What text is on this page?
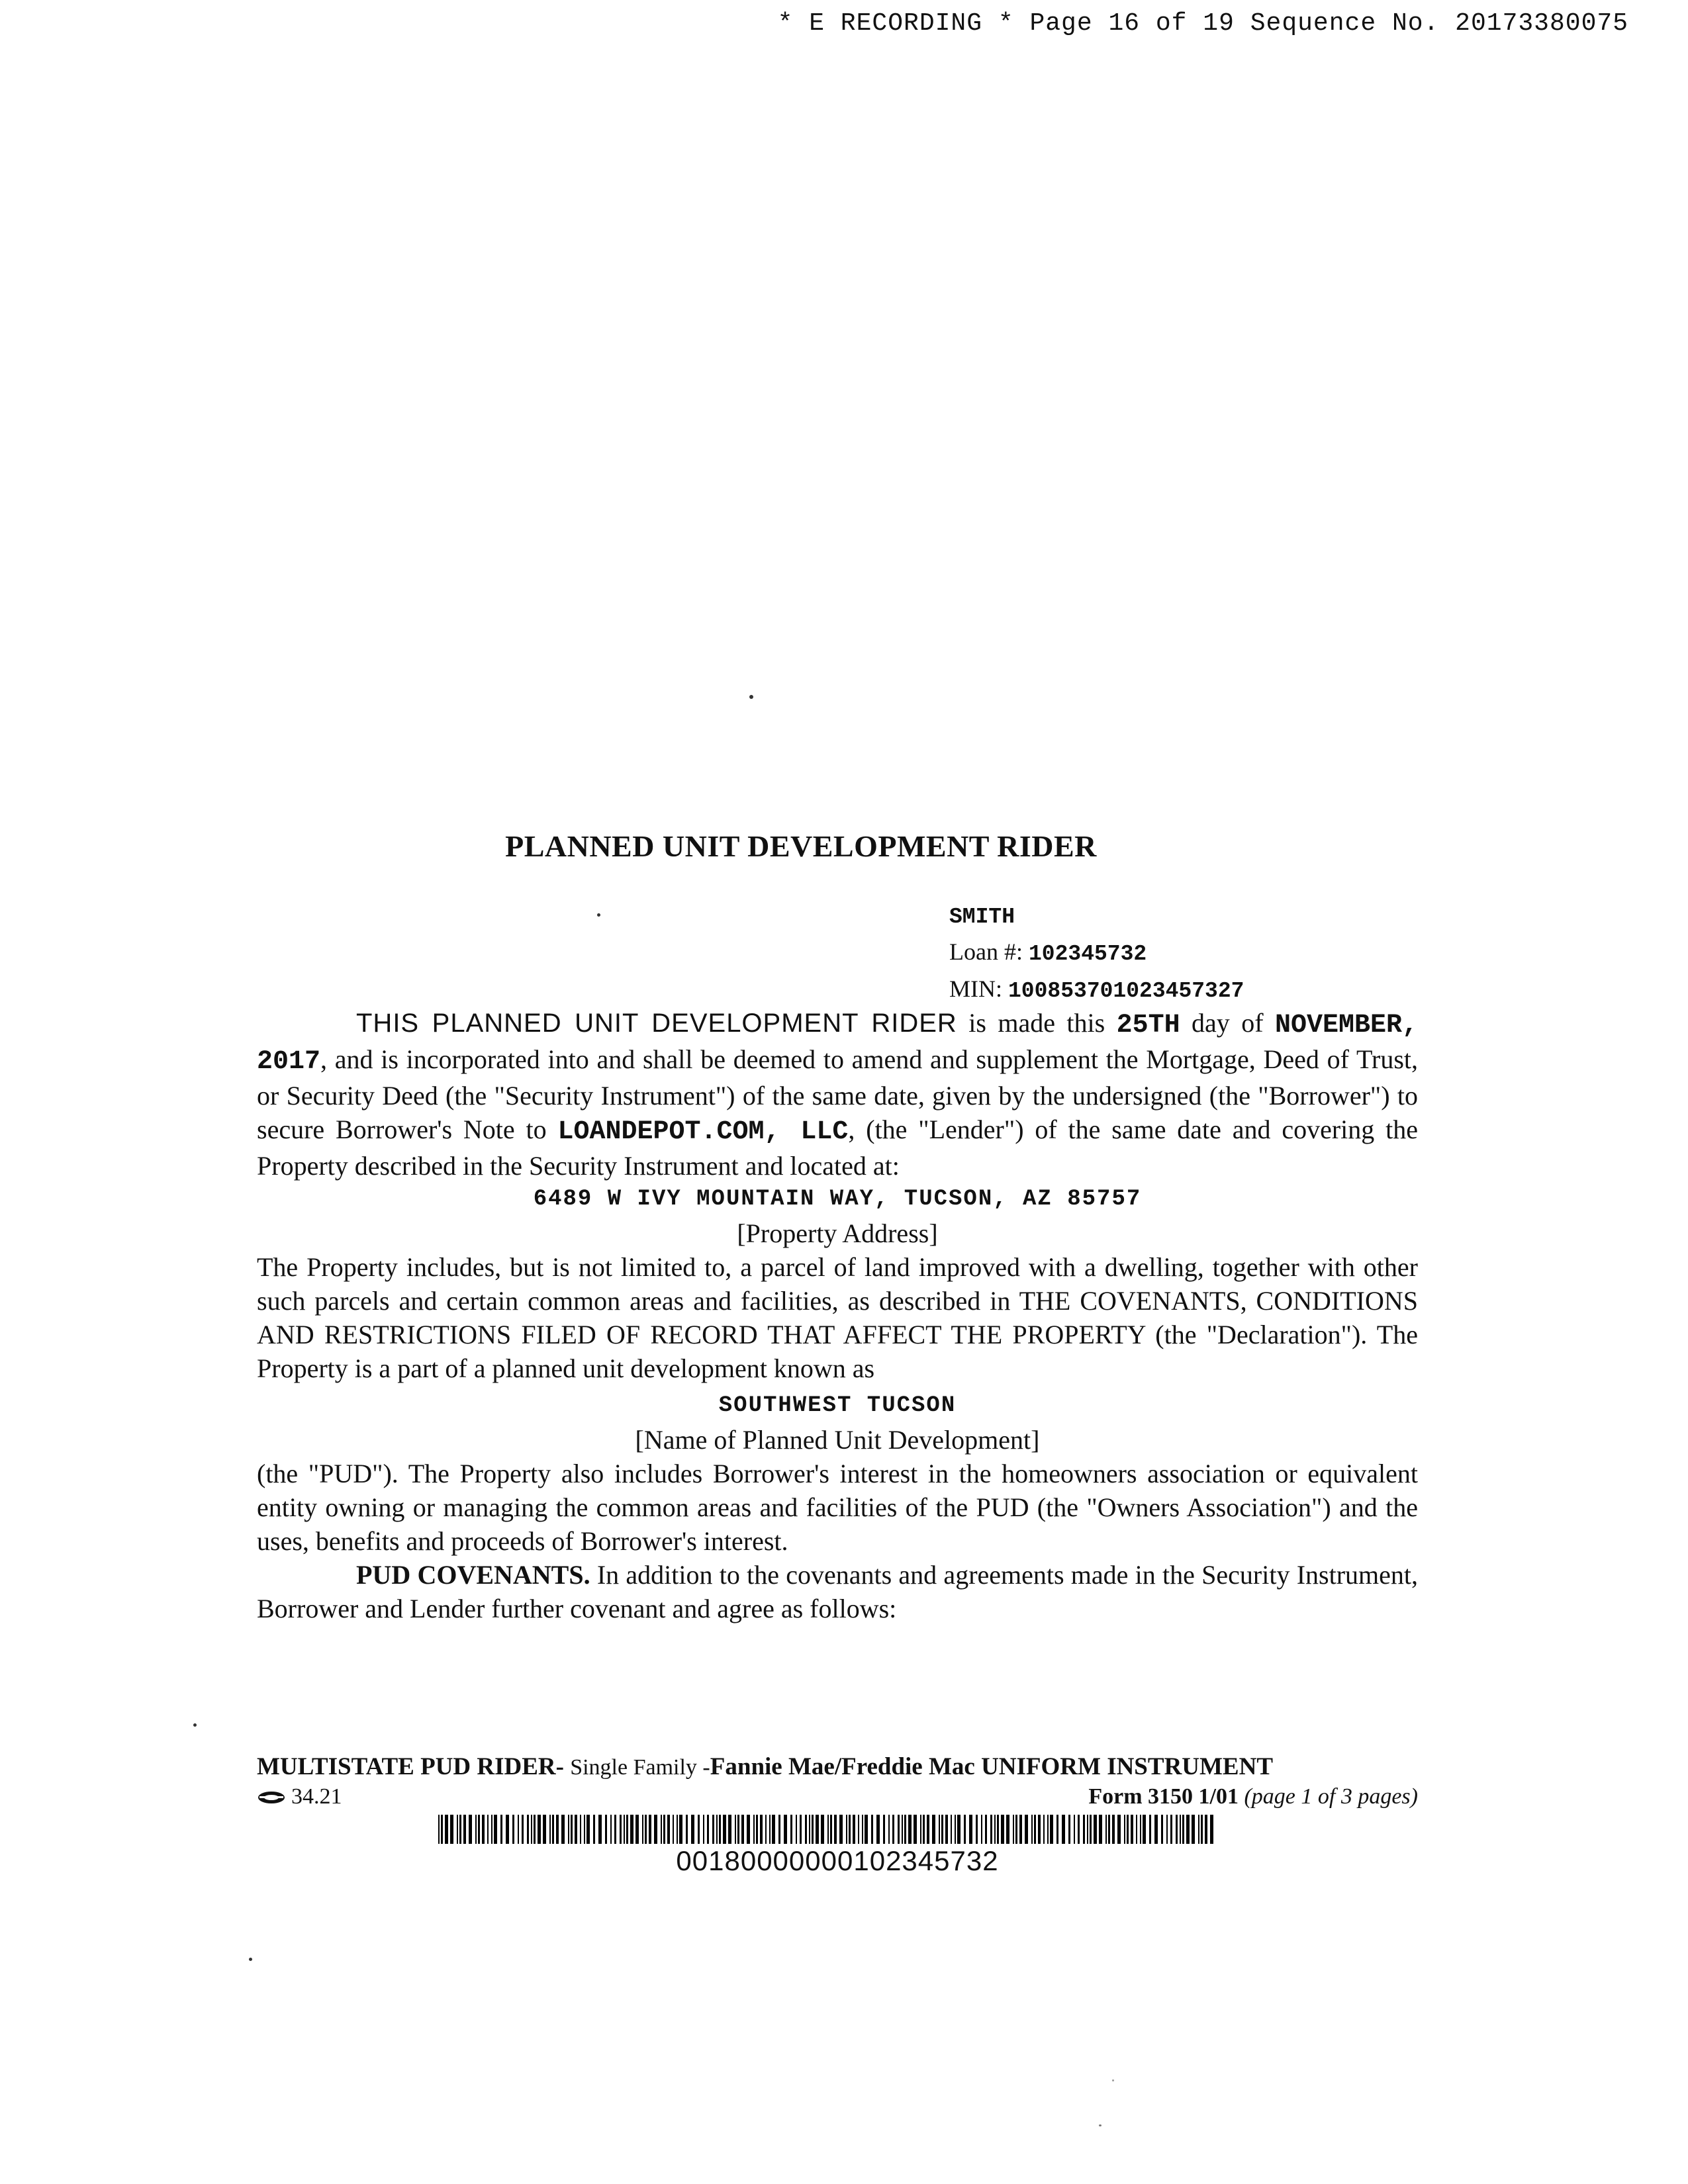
* E RECORDING * Page 16 of 19 Sequence No. 20173380075
PLANNED UNIT DEVELOPMENT RIDER
SMITH
Loan #: 102345732
MIN: 100853701023457327

THIS PLANNED UNIT DEVELOPMENT RIDER is made this 25TH day of NOVEMBER, 2017, and is incorporated into and shall be deemed to amend and supplement the Mortgage, Deed of Trust, or Security Deed (the "Security Instrument") of the same date, given by the undersigned (the "Borrower") to secure Borrower's Note to LOANDEPOT.COM, LLC, (the "Lender") of the same date and covering the Property described in the Security Instrument and located at:

6489 W IVY MOUNTAIN WAY, TUCSON, AZ 85757

[Property Address]

The Property includes, but is not limited to, a parcel of land improved with a dwelling, together with other such parcels and certain common areas and facilities, as described in THE COVENANTS, CONDITIONS AND RESTRICTIONS FILED OF RECORD THAT AFFECT THE PROPERTY (the "Declaration"). The Property is a part of a planned unit development known as

SOUTHWEST TUCSON

[Name of Planned Unit Development]

(the "PUD"). The Property also includes Borrower's interest in the homeowners association or equivalent entity owning or managing the common areas and facilities of the PUD (the "Owners Association") and the uses, benefits and proceeds of Borrower's interest.

PUD COVENANTS. In addition to the covenants and agreements made in the Security Instrument, Borrower and Lender further covenant and agree as follows:

MULTISTATE PUD RIDER- Single Family -Fannie Mae/Freddie Mac UNIFORM INSTRUMENT
34.21	Form 3150 1/01 (page 1 of 3 pages)
00180000000102345732
